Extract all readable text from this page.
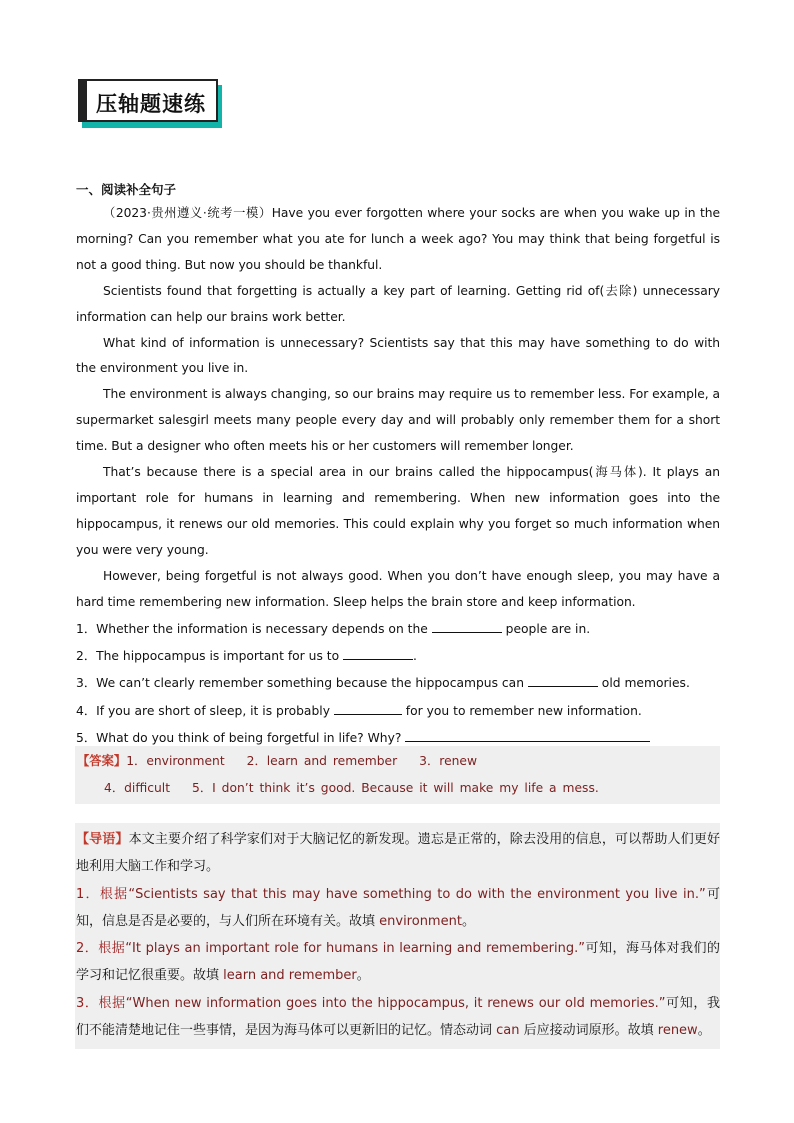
压轴题速练
一、阅读补全句子

（2023·贵州遵义·统考一模）Have you ever forgotten where your socks are when you wake up in the morning? Can you remember what you ate for lunch a week ago? You may think that being forgetful is not a good thing. But now you should be thankful.

Scientists found that forgetting is actually a key part of learning. Getting rid of(去除) unnecessary information can help our brains work better.

What kind of information is unnecessary? Scientists say that this may have something to do with the environment you live in.

The environment is always changing, so our brains may require us to remember less. For example, a supermarket salesgirl meets many people every day and will probably only remember them for a short time. But a designer who often meets his or her customers will remember longer.

That’s because there is a special area in our brains called the hippocampus(海马体). It plays an important role for humans in learning and remembering. When new information goes into the hippocampus, it renews our old memories. This could explain why you forget so much information when you were very young.

However, being forgetful is not always good. When you don’t have enough sleep, you may have a hard time remembering new information. Sleep helps the brain store and keep information.

1．Whether the information is necessary depends on the	people are in.

2．The hippocampus is important for us to	.

3．We can’t clearly remember something because the hippocampus can	old memories.

4．If you are short of sleep, it is probably	for you to remember new information.

5．What do you think of being forgetful in life? Why?

【答案】1．environment 2．learn and remember 3．renew
4．difficult 5．I don’t think it’s good. Because it will make my life a mess.

【导语】本文主要介绍了科学家们对于大脑记忆的新发现。遗忘是正常的，除去没用的信息，可以帮助人们更好地利用大脑工作和学习。

1．根据“Scientists say that this may have something to do with the environment you live in.”可知，信息是否是必要的，与人们所在环境有关。故填 environment。

2．根据“It plays an important role for humans in learning and remembering.”可知，海马体对我们的学习和记忆很重要。故填 learn and remember。

3．根据“When new information goes into the hippocampus, it renews our old memories.”可知，我们不能清楚地记住一些事情，是因为海马体可以更新旧的记忆。情态动词 can 后应接动词原形。故填 renew。
